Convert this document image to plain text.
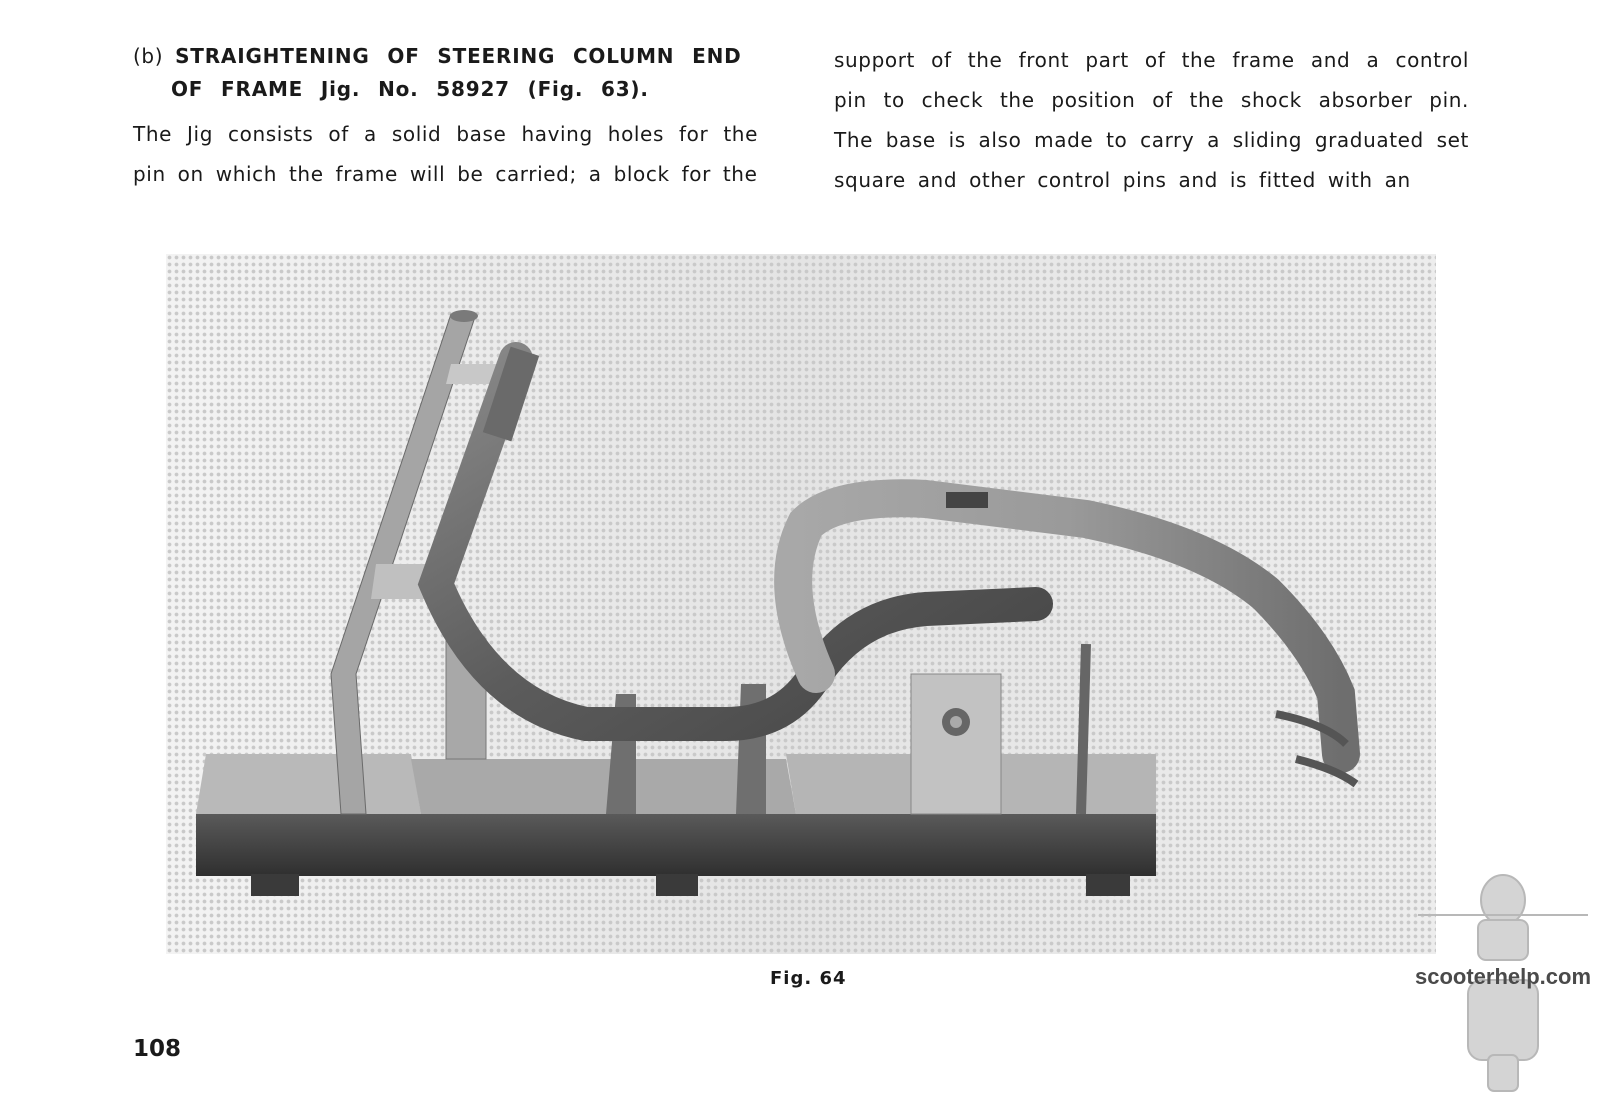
(b) STRAIGHTENING OF STEERING COLUMN END OF FRAME Jig. No. 58927 (Fig. 63).

The Jig consists of a solid base having holes for the pin on which the frame will be carried; a block for the

support of the front part of the frame and a control pin to check the position of the shock absorber pin. The base is also made to carry a sliding graduated set square and other control pins and is fitted with an

Fig. 64

108

scooterhelp.com
